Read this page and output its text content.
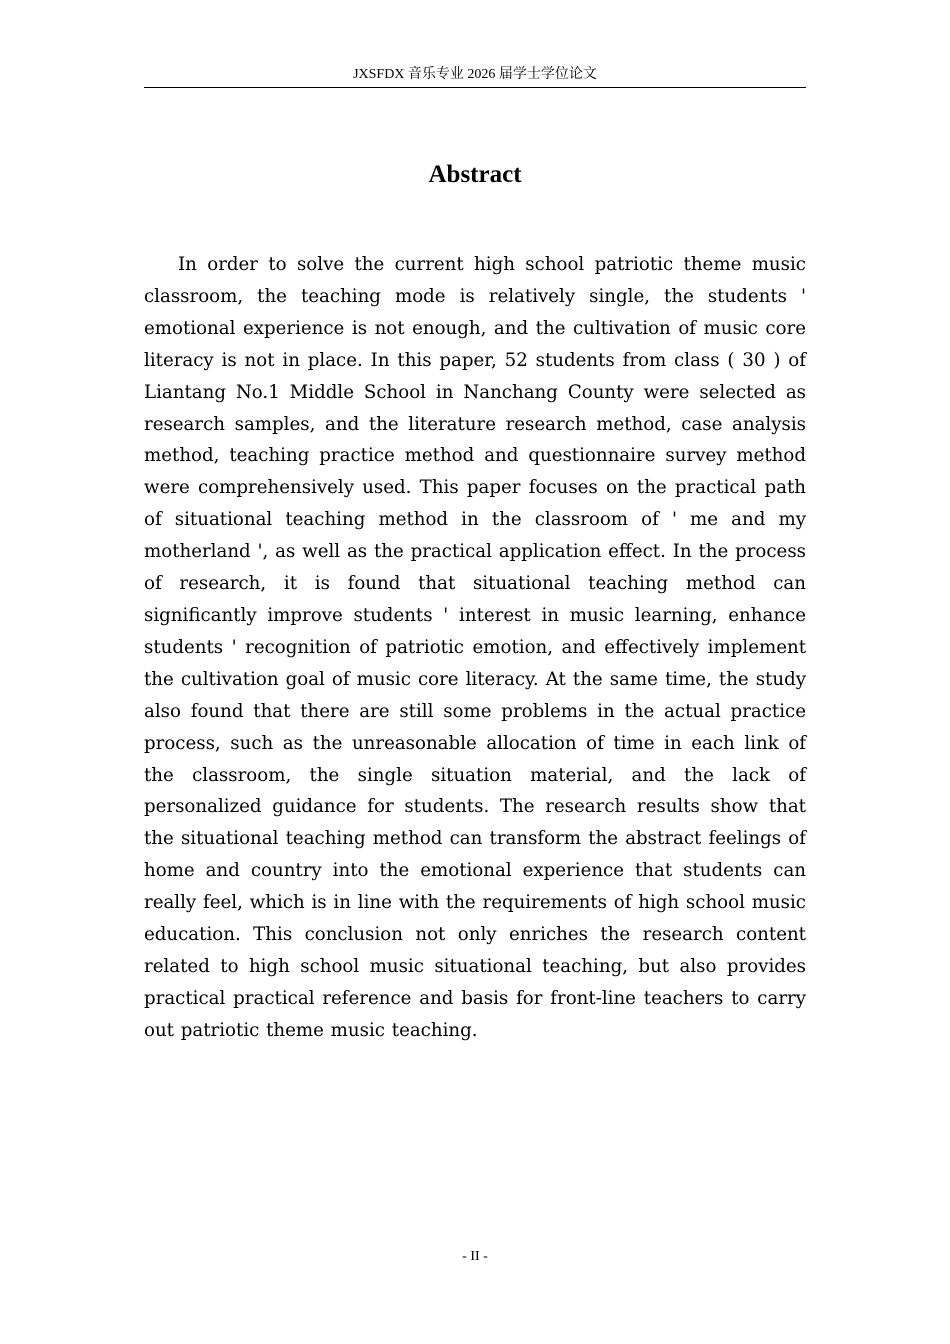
JXSFDX 音乐专业 2026 届学士学位论文
Abstract

In order to solve the current high school patriotic theme music classroom, the teaching mode is relatively single, the students ' emotional experience is not enough, and the cultivation of music core literacy is not in place. In this paper, 52 students from class ( 30 ) of Liantang No.1 Middle School in Nanchang County were selected as research samples, and the literature research method, case analysis method, teaching practice method and questionnaire survey method were comprehensively used. This paper focuses on the practical path of situational teaching method in the classroom of ' me and my motherland ', as well as the practical application effect. In the process of research, it is found that situational teaching method can significantly improve students ' interest in music learning, enhance students ' recognition of patriotic emotion, and effectively implement the cultivation goal of music core literacy. At the same time, the study also found that there are still some problems in the actual practice process, such as the unreasonable allocation of time in each link of the classroom, the single situation material, and the lack of personalized guidance for students. The research results show that the situational teaching method can transform the abstract feelings of home and country into the emotional experience that students can really feel, which is in line with the requirements of high school music education. This conclusion not only enriches the research content related to high school music situational teaching, but also provides practical practical reference and basis for front-line teachers to carry out patriotic theme music teaching.

- II -
